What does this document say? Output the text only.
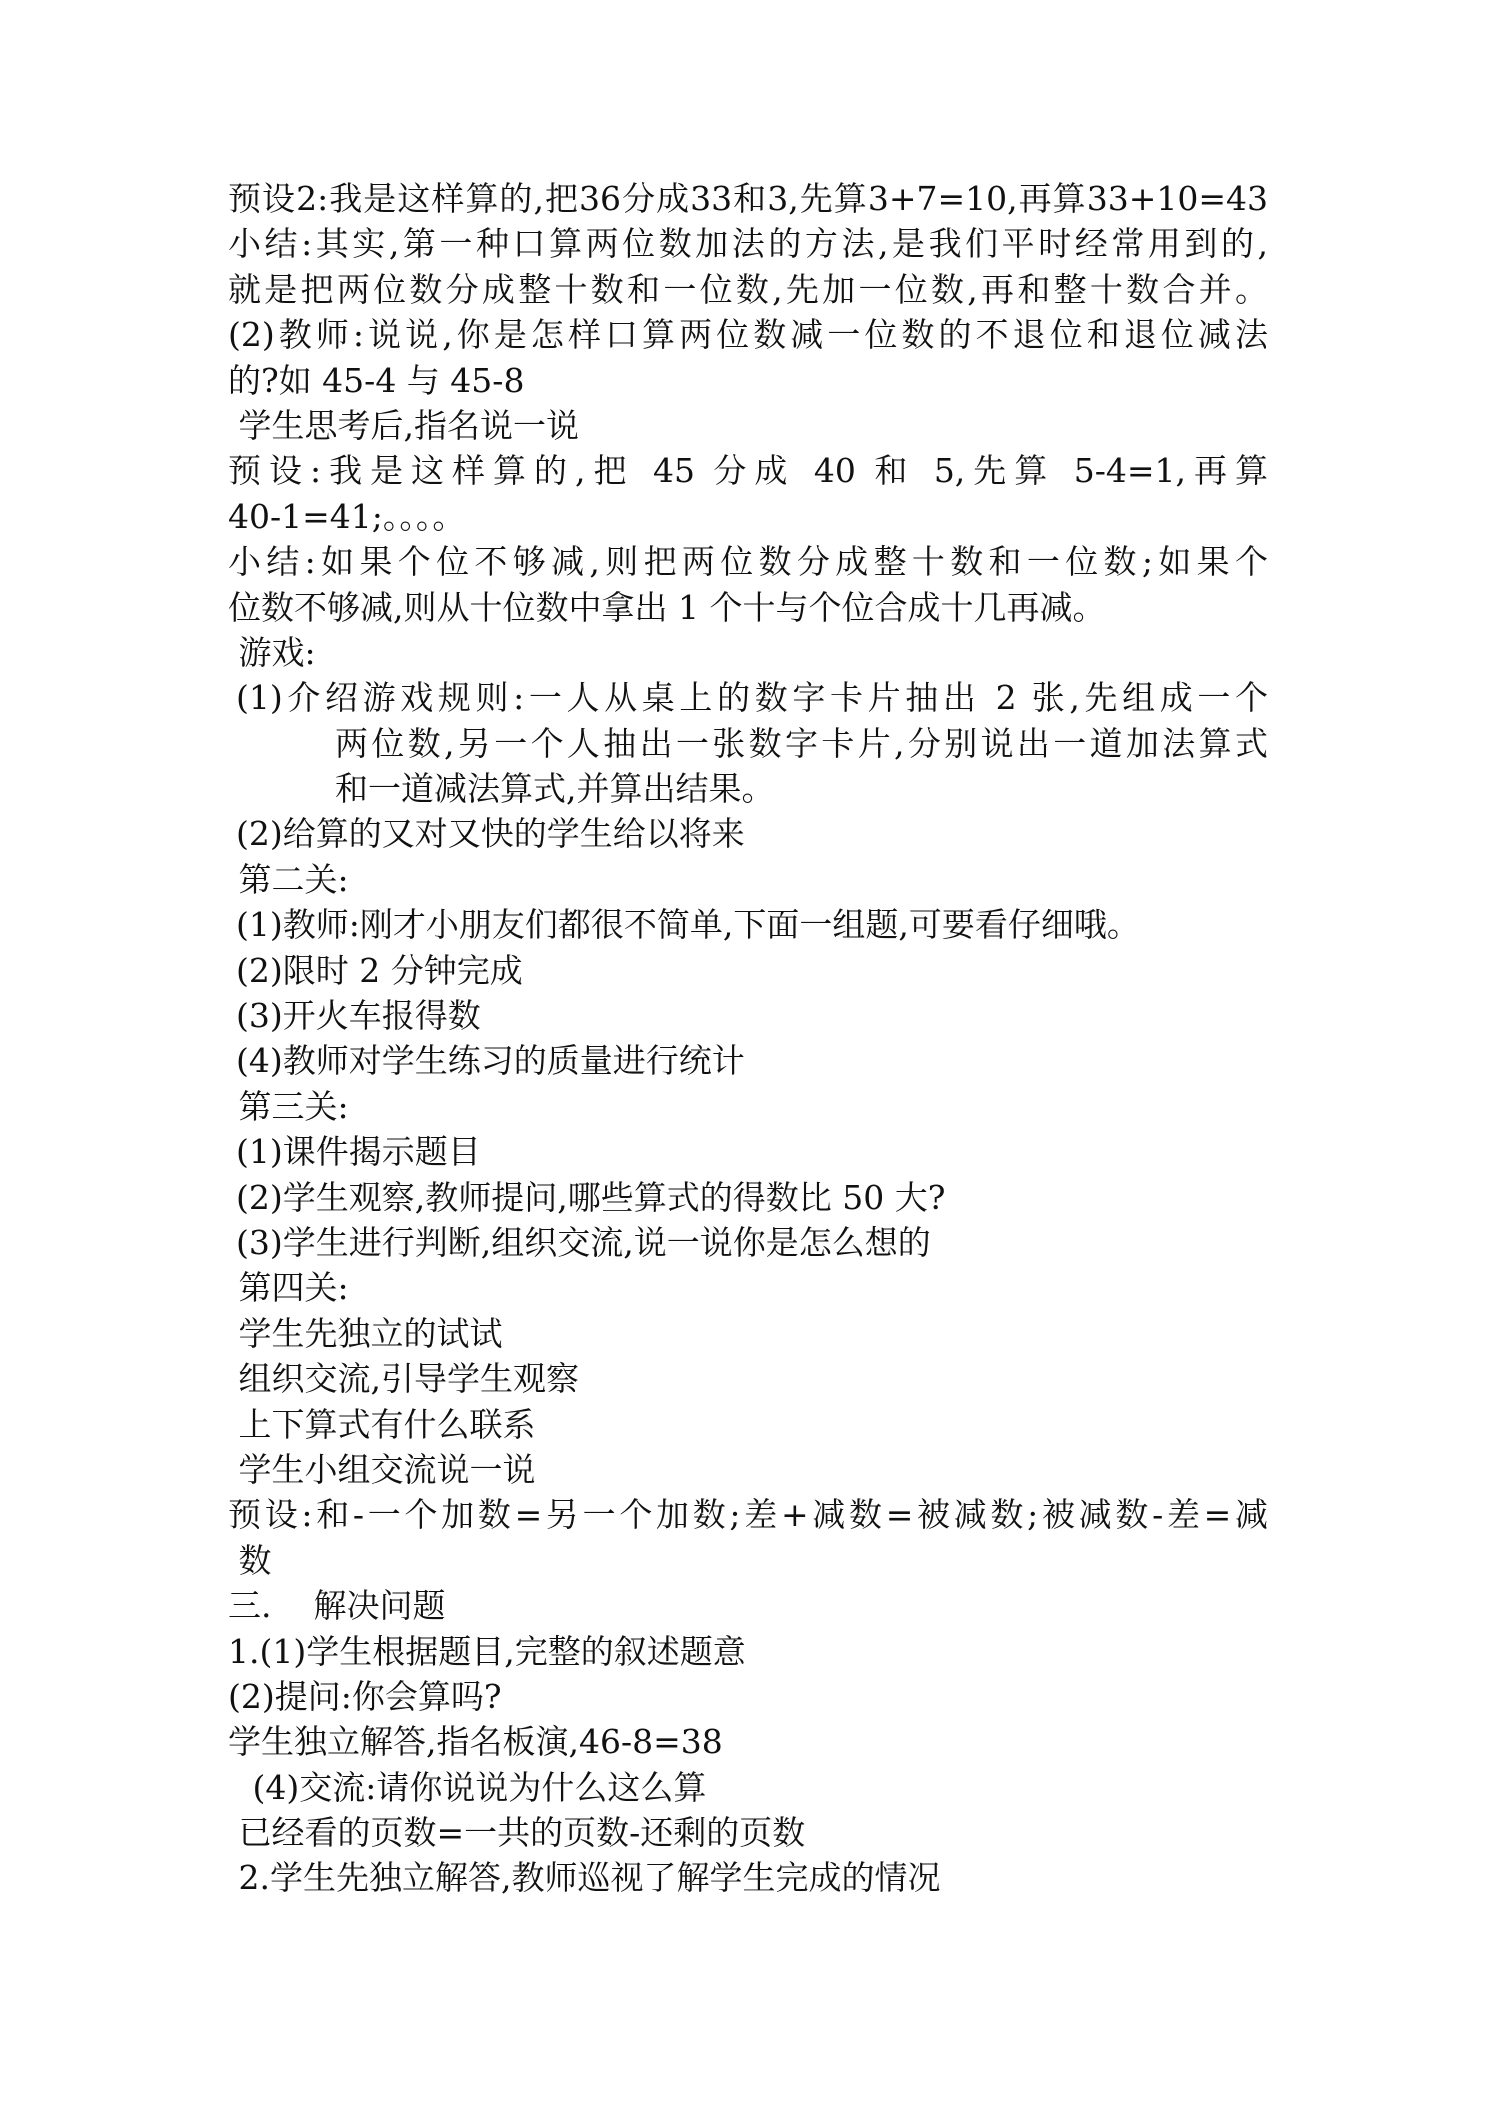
预设2:我是这样算的,把36分成33和3,先算3+7=10,再算33+10=43
小结:其实,第一种口算两位数加法的方法,是我们平时经常用到的,
就是把两位数分成整十数和一位数,先加一位数,再和整十数合并。
(2)教师:说说,你是怎样口算两位数减一位数的不退位和退位减法
的?如 45-4 与 45-8
学生思考后,指名说一说
预设:我是这样算的,把 45 分成 40 和 5,先算 5-4=1,再算
40-1=41;。。。。
小结:如果个位不够减,则把两位数分成整十数和一位数;如果个
位数不够减,则从十位数中拿出 1 个十与个位合成十几再减。
游戏:
(1)介绍游戏规则:一人从桌上的数字卡片抽出 2 张,先组成一个
两位数,另一个人抽出一张数字卡片,分别说出一道加法算式
和一道减法算式,并算出结果。
(2)给算的又对又快的学生给以将来
第二关:
(1)教师:刚才小朋友们都很不简单,下面一组题,可要看仔细哦。
(2)限时 2 分钟完成
(3)开火车报得数
(4)教师对学生练习的质量进行统计
第三关:
(1)课件揭示题目
(2)学生观察,教师提问,哪些算式的得数比 50 大?
(3)学生进行判断,组织交流,说一说你是怎么想的
第四关:
学生先独立的试试
组织交流,引导学生观察
上下算式有什么联系
学生小组交流说一说
预设:和-一个加数=另一个加数;差+减数=被减数;被减数-差=减
数
三.    解决问题
1.(1)学生根据题目,完整的叙述题意
(2)提问:你会算吗?
学生独立解答,指名板演,46-8=38
(4)交流:请你说说为什么这么算
已经看的页数=一共的页数-还剩的页数
2.学生先独立解答,教师巡视了解学生完成的情况
